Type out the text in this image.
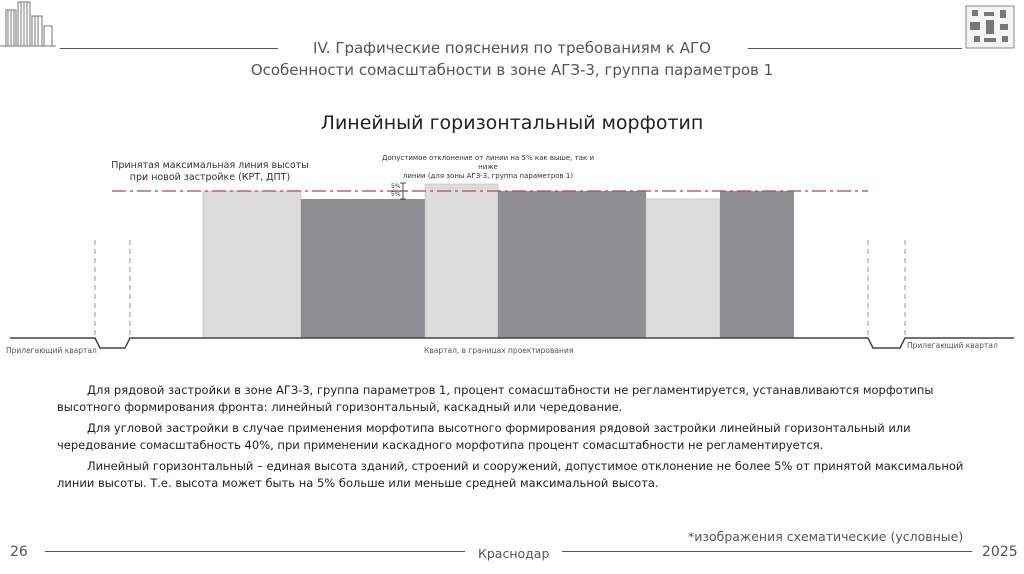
IV. Графические пояснения по требованиям к АГО
Особенности сомасштабности в зоне АГЗ-3, группа параметров 1
Линейный горизонтальный морфотип
Принятая максимальная линия высоты
при новой застройке (КРТ, ДПТ)
Допустимое отклонение от линии на 5% как выше, так и ниже
линии (для зоны АГЗ-3, группа параметров 1)
5%
5%
Прилегающий квартал
Прилегающий квартал
Квартал, в границах проектирования

Для рядовой застройки в зоне АГЗ-3, группа параметров 1, процент сомасштабности не регламентируется, устанавливаются морфотипы высотного формирования фронта: линейный горизонтальный, каскадный или чередование.

Для угловой застройки в случае применения морфотипа высотного формирования рядовой застройки линейный горизонтальный или чередование сомасштабность 40%, при применении каскадного морфотипа процент сомасштабности не регламентируется.

Линейный горизонтальный – единая высота зданий, строений и сооружений, допустимое отклонение не более 5% от принятой максимальной линии высоты. Т.е. высота может быть на 5% больше или меньше средней максимальной высота.

*изображения схематические (условные)
26	Краснодар	2025
